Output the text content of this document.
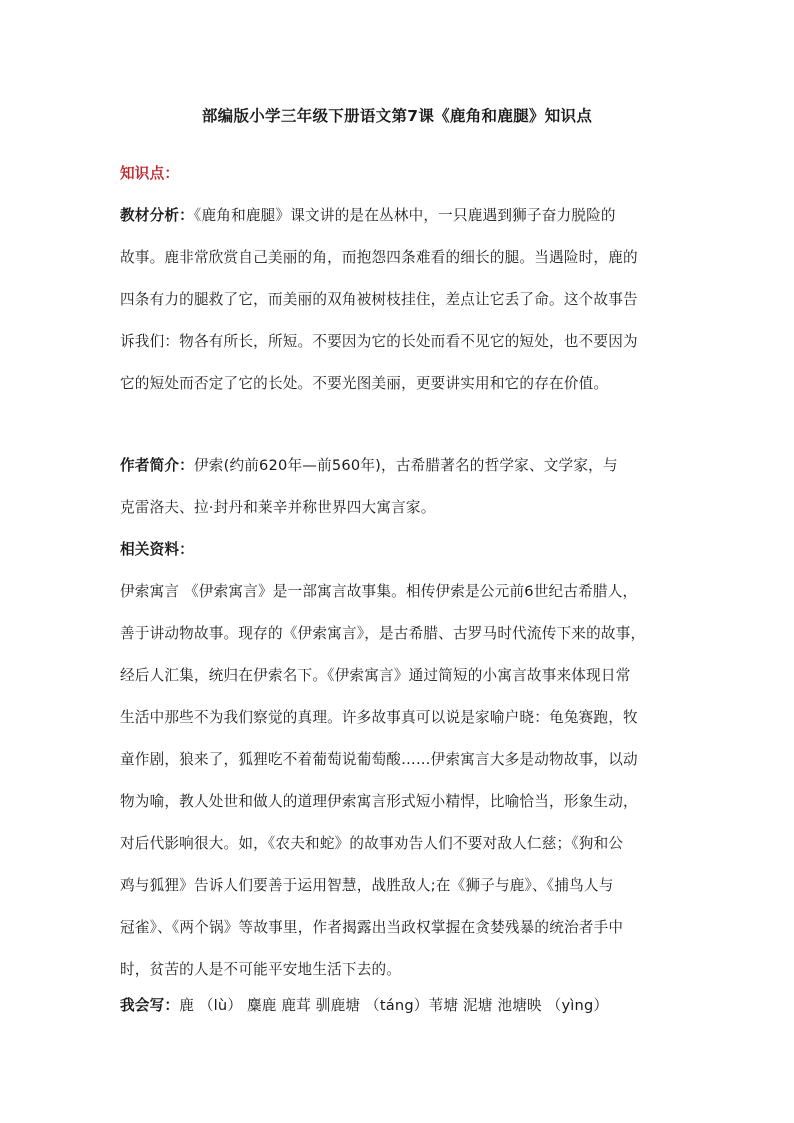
部编版小学三年级下册语文第7课《鹿角和鹿腿》知识点
知识点：
教材分析：《鹿角和鹿腿》课文讲的是在丛林中，一只鹿遇到狮子奋力脱险的
故事。鹿非常欣赏自己美丽的角，而抱怨四条难看的细长的腿。当遇险时，鹿的
四条有力的腿救了它，而美丽的双角被树枝挂住，差点让它丢了命。这个故事告
诉我们：物各有所长，所短。不要因为它的长处而看不见它的短处，也不要因为
它的短处而否定了它的长处。不要光图美丽，更要讲实用和它的存在价值。
作者简介：伊索(约前620年—前560年)，古希腊著名的哲学家、文学家，与
克雷洛夫、拉·封丹和莱辛并称世界四大寓言家。
相关资料：
伊索寓言 《伊索寓言》是一部寓言故事集。相传伊索是公元前6世纪古希腊人，
善于讲动物故事。现存的《伊索寓言》，是古希腊、古罗马时代流传下来的故事，
经后人汇集，统归在伊索名下。《伊索寓言》通过简短的小寓言故事来体现日常
生活中那些不为我们察觉的真理。许多故事真可以说是家喻户晓：龟兔赛跑，牧
童作剧，狼来了，狐狸吃不着葡萄说葡萄酸……伊索寓言大多是动物故事，以动
物为喻，教人处世和做人的道理伊索寓言形式短小精悍，比喻恰当，形象生动，
对后代影响很大。如，《农夫和蛇》的故事劝告人们不要对敌人仁慈；《狗和公
鸡与狐狸》告诉人们要善于运用智慧，战胜敌人;在《狮子与鹿》、《捕鸟人与
冠雀》、《两个锅》等故事里，作者揭露出当政权掌握在贪婪残暴的统治者手中
时，贫苦的人是不可能平安地生活下去的。
我会写：鹿 （lù） 麋鹿 鹿茸 驯鹿塘 （táng）苇塘 泥塘 池塘映 （yìng）
